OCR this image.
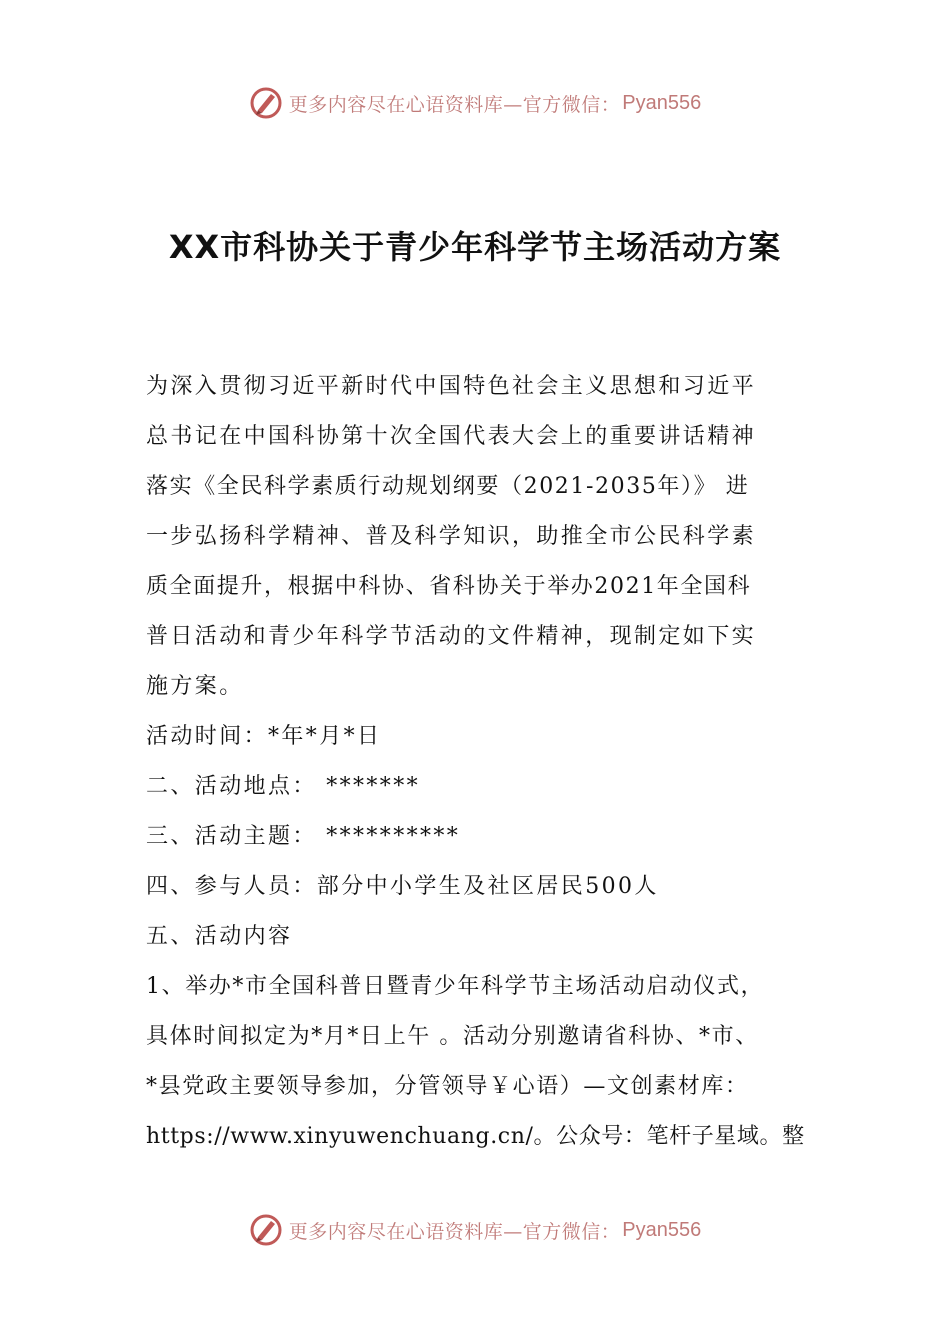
更多内容尽在心语资料库—官方微信： Pyan556
XX市科协关于青少年科学节主场活动方案
为深入贯彻习近平新时代中国特色社会主义思想和习近平
总书记在中国科协第十次全国代表大会上的重要讲话精神
落实《全民科学素质行动规划纲要（2021-2035年）》 进
一步弘扬科学精神、普及科学知识，助推全市公民科学素
质全面提升，根据中科协、省科协关于举办2021年全国科
普日活动和青少年科学节活动的文件精神，现制定如下实
施方案。
活动时间：*年*月*日
二、活动地点： *******
三、活动主题： **********
四、参与人员：部分中小学生及社区居民500人
五、活动内容
1、举办*市全国科普日暨青少年科学节主场活动启动仪式，
具体时间拟定为*月*日上午 。活动分别邀请省科协、*市、
*县党政主要领导参加，分管领导￥心语）—文创素材库：
https://www.xinyuwenchuang.cn/。公众号：笔杆子星域。整
更多内容尽在心语资料库—官方微信： Pyan556
